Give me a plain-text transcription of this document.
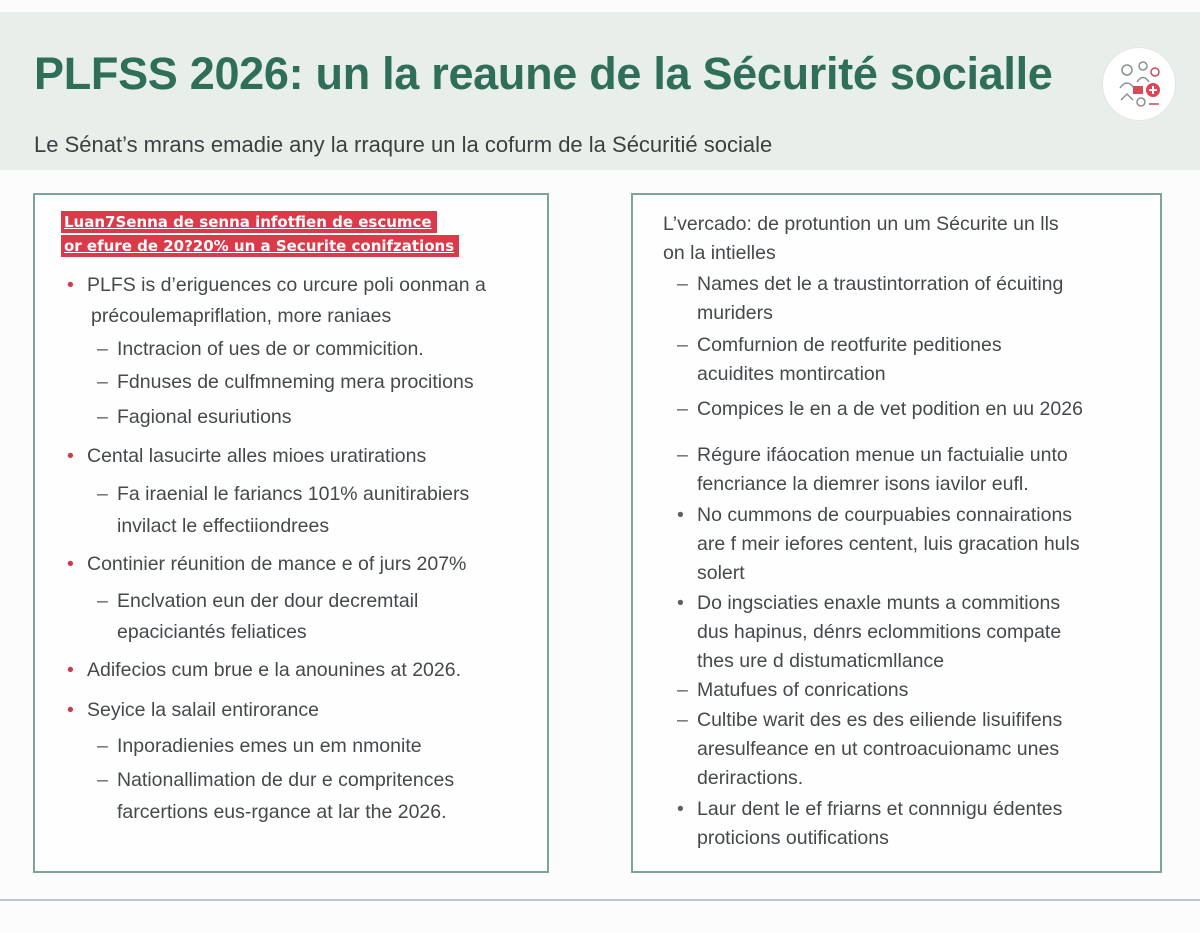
PLFSS 2026: un la reaune de la Sécurité socialle

Le Sénat’s mrans emadie any la rraqure un la cofurm de la Sécuritié sociale

Luan7Senna de senna infotfien de escumce
or efure de 20?20% un a Securite conifzations
• PLFS is d’eriguences co urcure poli oonman a
précoulemapriflation, more raniaes
– Inctracion of ues de or commicition.
– Fdnuses de culfmneming mera procitions
– Fagional esuriutions
• Cental lasucirte alles mioes uratirations
– Fa iraenial le fariancs 101% aunitirabiers
invilact le effectiiondrees
• Continier réunition de mance e of jurs 207%
– Enclvation eun der dour decremtail
epaciciantés feliatices
• Adifecios cum brue e la anounines at 2026.
• Seyice la salail entirorance
– Inporadienies emes un em nmonite
– Nationallimation de dur e compritences
farcertions eus-rgance at lar the 2026.
L’vercado: de protuntion un um Sécurite un lls
on la intielles
– Names det le a traustintorration of écuiting
muriders
– Comfurnion de reotfurite peditiones
acuidites montircation
– Compices le en a de vet podition en uu 2026
– Régure ifáocation menue un factuialie unto
fencriance la diemrer isons iavilor eufl.
• No cummons de courpuabies connairations
are f meir iefores centent, luis gracation huls
solert
• Do ingsciaties enaxle munts a commitions
dus hapinus, dénrs eclommitions compate
thes ure d distumaticmllance
– Matufues of conrications
– Cultibe warit des es des eiliende lisuififens
aresulfeance en ut controacuionamc unes
deriractions.
• Laur dent le ef friarns et connnigu édentes
proticions outifications
